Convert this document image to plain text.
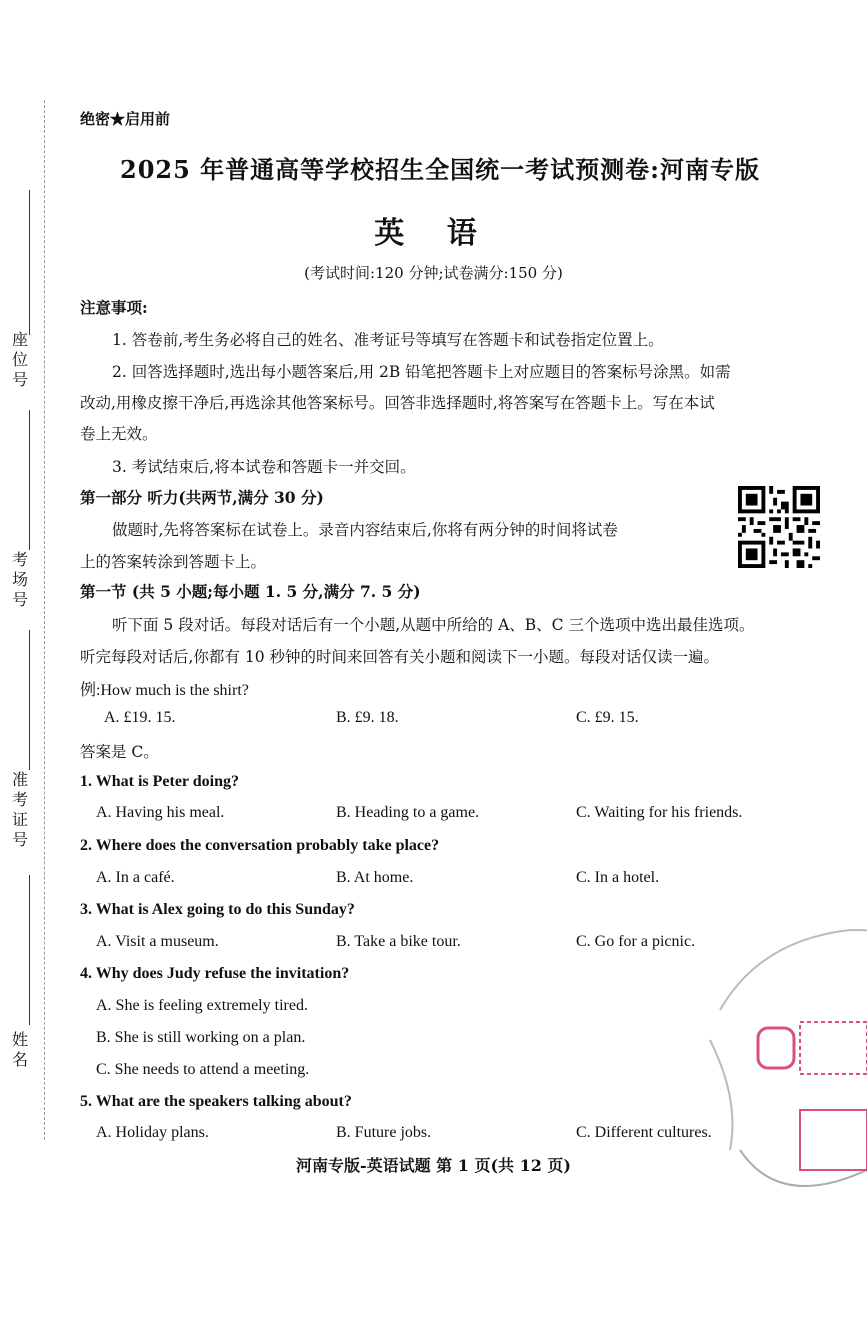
座位号
考场号
准考证号
姓名
绝密★启用前
2025 年普通高等学校招生全国统一考试预测卷:河南专版
英 语
(考试时间:120 分钟;试卷满分:150 分)
注意事项:
1. 答卷前,考生务必将自己的姓名、准考证号等填写在答题卡和试卷指定位置上。
2. 回答选择题时,选出每小题答案后,用 2B 铅笔把答题卡上对应题目的答案标号涂黑。如需
改动,用橡皮擦干净后,再选涂其他答案标号。回答非选择题时,将答案写在答题卡上。写在本试
卷上无效。
3. 考试结束后,将本试卷和答题卡一并交回。
第一部分 听力(共两节,满分 30 分)
做题时,先将答案标在试卷上。录音内容结束后,你将有两分钟的时间将试卷
上的答案转涂到答题卡上。
第一节 (共 5 小题;每小题 1. 5 分,满分 7. 5 分)
听下面 5 段对话。每段对话后有一个小题,从题中所给的 A、B、C 三个选项中选出最佳选项。
听完每段对话后,你都有 10 秒钟的时间来回答有关小题和阅读下一小题。每段对话仅读一遍。
例:How much is the shirt?
A. £19. 15.	B. £9. 18.	C. £9. 15.
答案是 C。
1. What is Peter doing?
A. Having his meal.	B. Heading to a game.	C. Waiting for his friends.
2. Where does the conversation probably take place?
A. In a café.	B. At home.	C. In a hotel.
3. What is Alex going to do this Sunday?
A. Visit a museum.	B. Take a bike tour.	C. Go for a picnic.
4. Why does Judy refuse the invitation?
A. She is feeling extremely tired.
B. She is still working on a plan.
C. She needs to attend a meeting.
5. What are the speakers talking about?
A. Holiday plans.	B. Future jobs.	C. Different cultures.
河南专版-英语试题 第 1 页(共 12 页)
